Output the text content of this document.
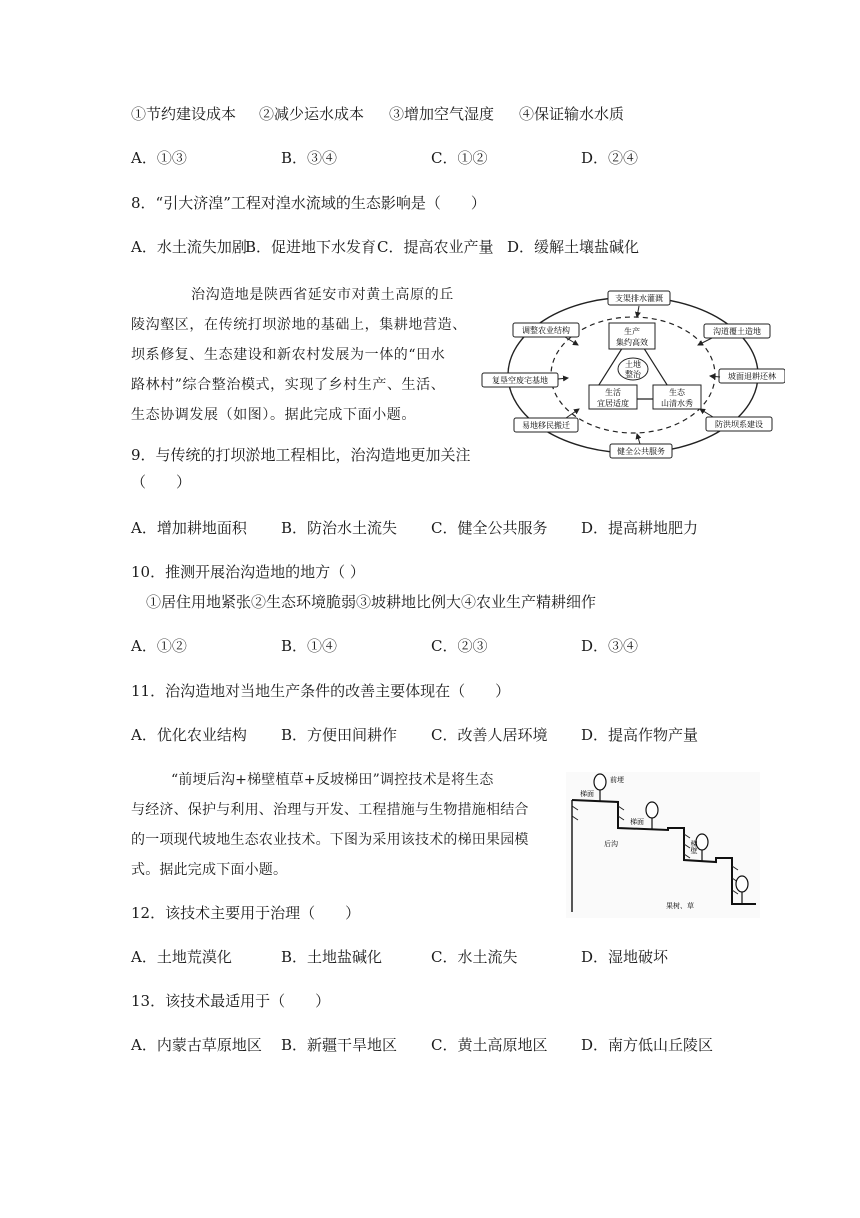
①节约建设成本 ②减少运水成本 ③增加空气湿度 ④保证输水水质
A．①③	B．③④	C．①②	D．②④
8．“引大济湟”工程对湟水流域的生态影响是（　　）
A．水土流失加剧
B．促进地下水发育 C．提高农业产量 D．缓解土壤盐碱化
治沟造地是陕西省延安市对黄土高原的丘
陵沟壑区，在传统打坝淤地的基础上，集耕地营造、
坝系修复、生态建设和新农村发展为一体的“田水
路林村”综合整治模式，实现了乡村生产、生活、
生态协调发展（如图）。据此完成下面小题。
土地
整治
生产
集约高效
生活
宜居适度
生态
山清水秀
支渠排水灌溉
沟道覆土造地
坡面退耕还林
防洪坝系建设
健全公共服务
易地移民搬迁
复垦空废宅基地
调整农业结构
9．与传统的打坝淤地工程相比，治沟造地更加关注
（　　）
A．增加耕地面积 B．防治水土流失 C．健全公共服务 D．提高耕地肥力
10．推测开展治沟造地的地方（ ）
①居住用地紧张②生态环境脆弱③坡耕地比例大④农业生产精耕细作
A．①②	B．①④	C．②③	D．③④
11．治沟造地对当地生产条件的改善主要体现在（　　）
A．优化农业结构 B．方便田间耕作 C．改善人居环境 D．提高作物产量
“前埂后沟+梯壁植草+反坡梯田”调控技术是将生态
与经济、保护与利用、治理与开发、工程措施与生物措施相结合
的一项现代坡地生态农业技术。下图为采用该技术的梯田果园模
式。据此完成下面小题。
梯面
前埂
梯面
后沟	梯壁
果树、草
12．该技术主要用于治理（　　）
A．土地荒漠化	B．土地盐碱化	C．水土流失	D．湿地破坏
13．该技术最适用于（　　）
A．内蒙古草原地区 B．新疆干旱地区 C．黄土高原地区 D．南方低山丘陵区
